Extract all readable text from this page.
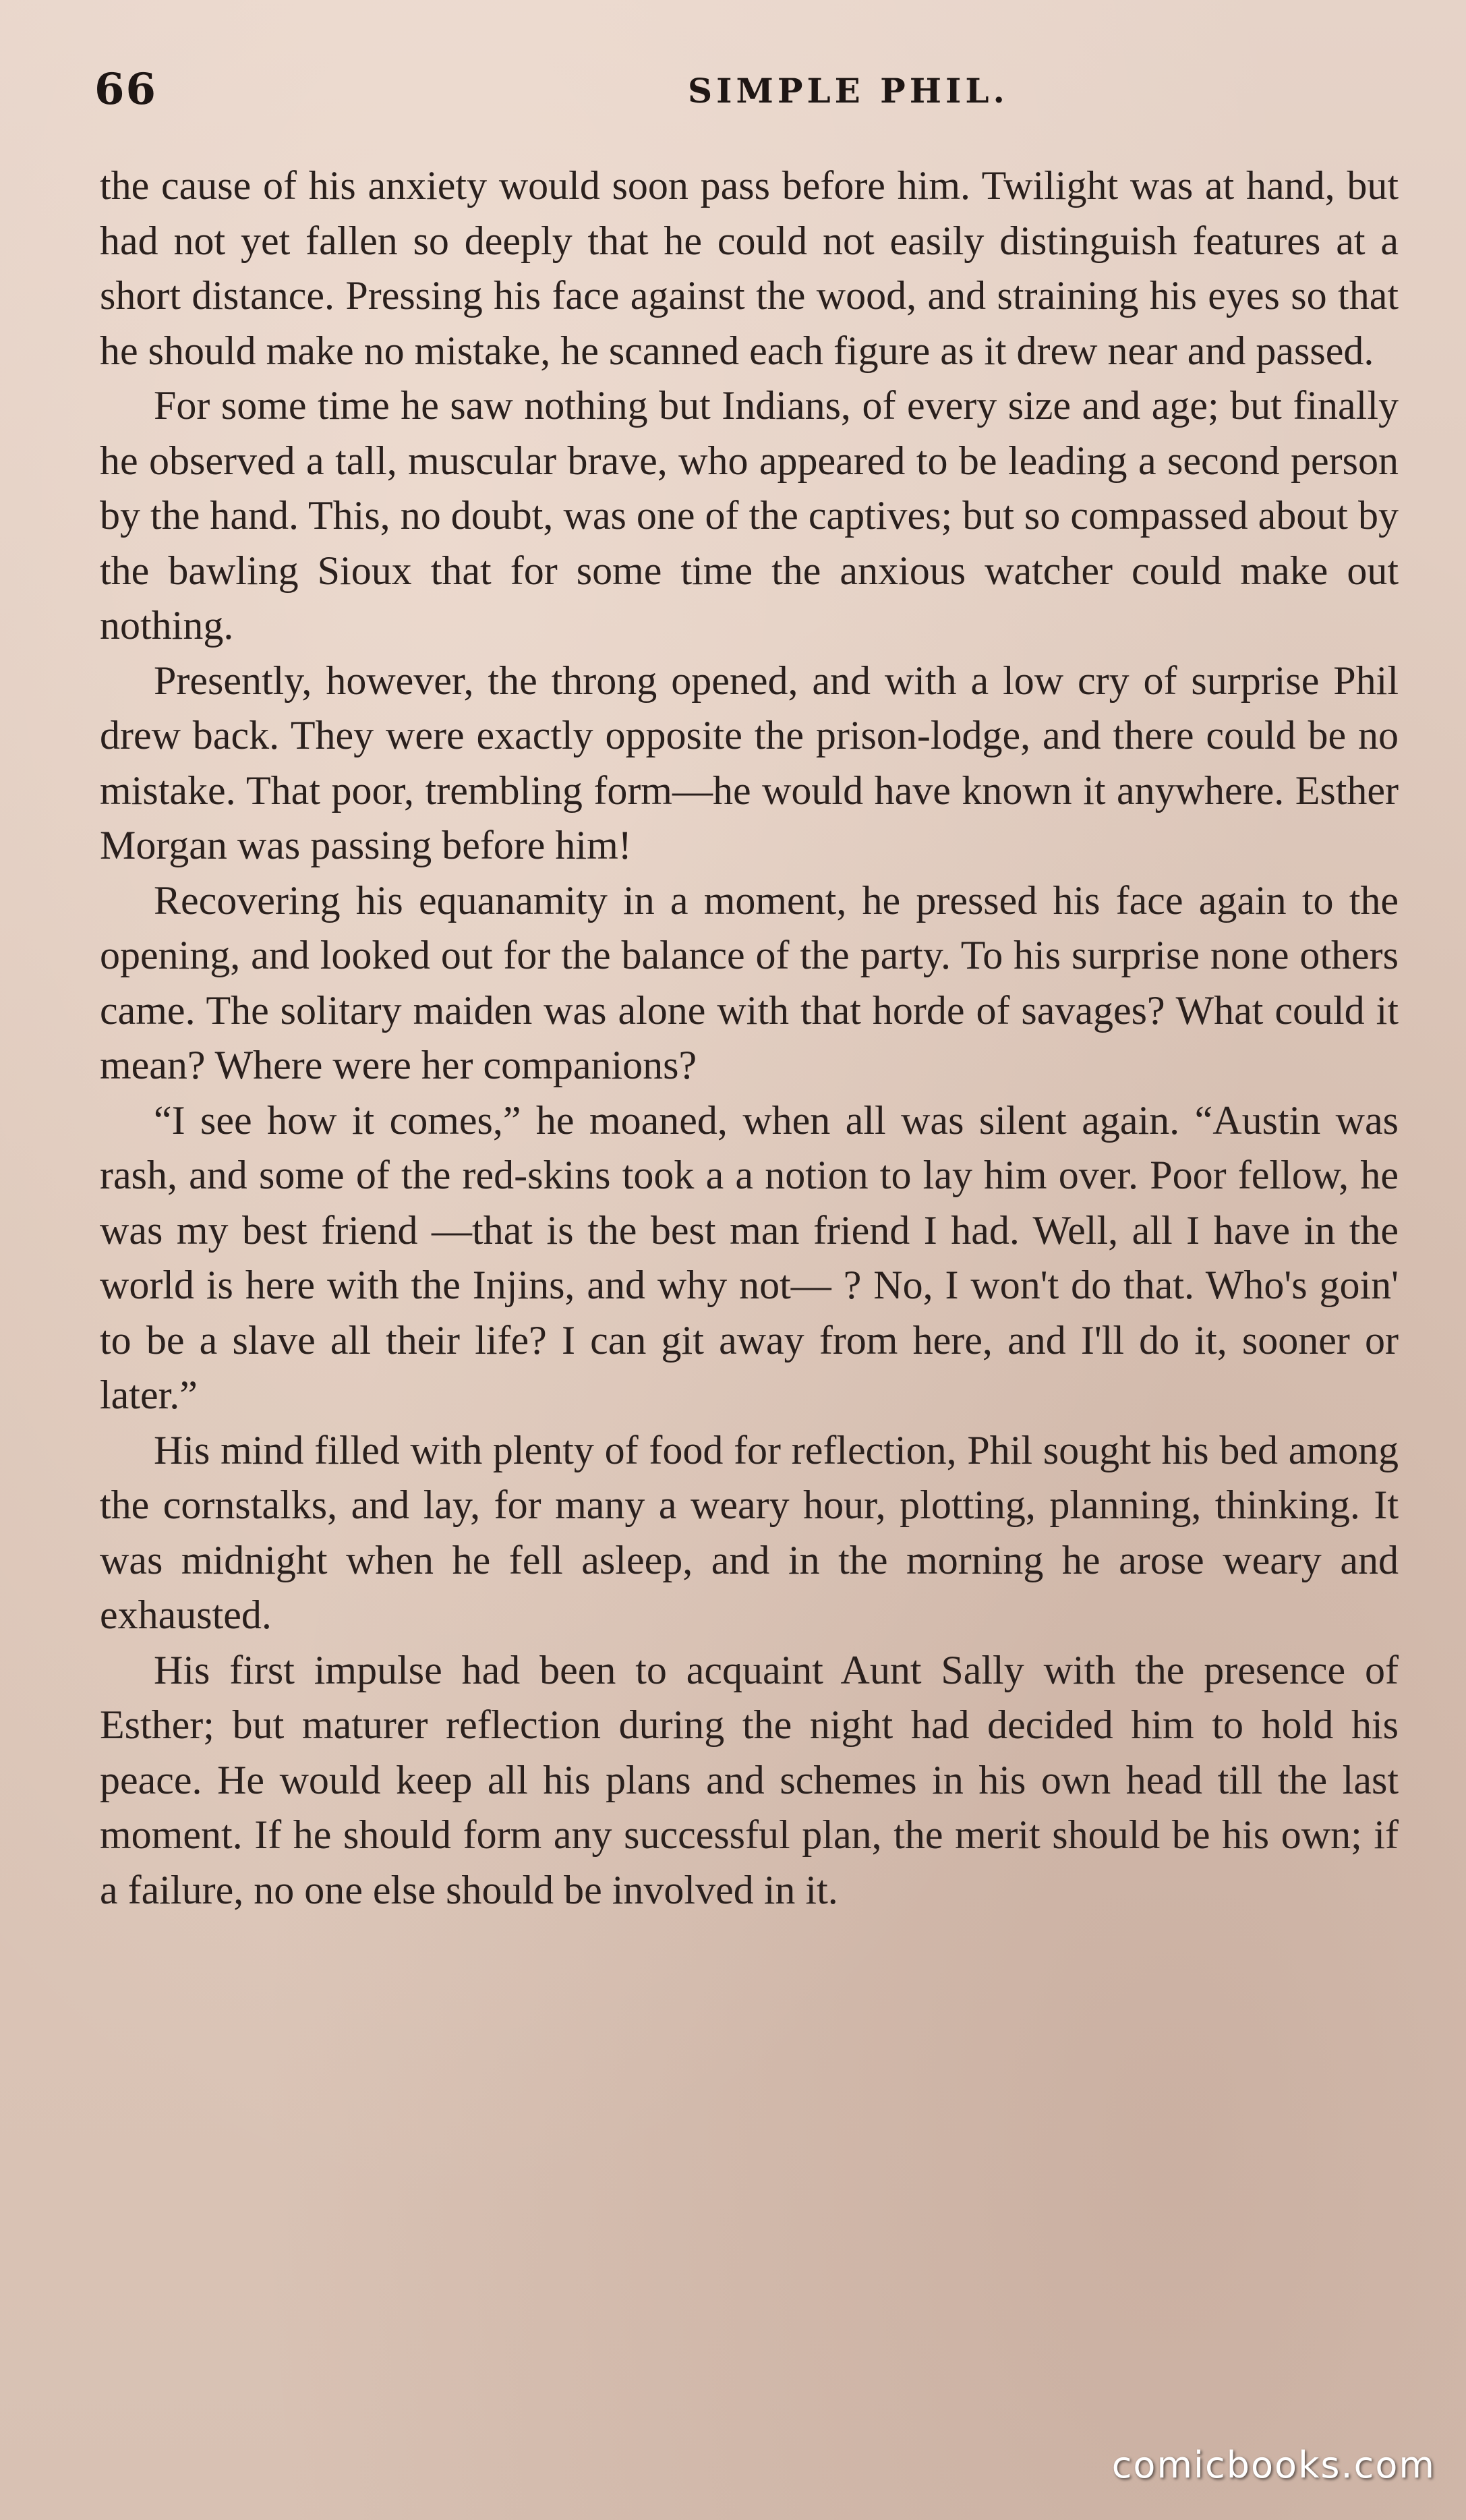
66	SIMPLE PHIL.

the cause of his anxiety would soon pass before him. Twilight was at hand, but had not yet fallen so deeply that he could not easily distinguish features at a short distance. Pressing his face against the wood, and straining his eyes so that he should make no mistake, he scanned each figure as it drew near and passed.

For some time he saw nothing but Indians, of every size and age; but finally he observed a tall, muscular brave, who appeared to be leading a second person by the hand. This, no doubt, was one of the captives; but so compassed about by the bawling Sioux that for some time the anxious watcher could make out nothing.

Presently, however, the throng opened, and with a low cry of surprise Phil drew back. They were exactly opposite the prison-lodge, and there could be no mistake. That poor, trembling form—he would have known it anywhere. Esther Morgan was passing before him!

Recovering his equanamity in a moment, he pressed his face again to the opening, and looked out for the balance of the party. To his surprise none others came. The solitary maiden was alone with that horde of savages? What could it mean? Where were her companions?

“I see how it comes,” he moaned, when all was silent again. “Austin was rash, and some of the red-skins took a a notion to lay him over. Poor fellow, he was my best friend —that is the best man friend I had. Well, all I have in the world is here with the Injins, and why not— ? No, I won't do that. Who's goin' to be a slave all their life? I can git away from here, and I'll do it, sooner or later.”

His mind filled with plenty of food for reflection, Phil sought his bed among the cornstalks, and lay, for many a weary hour, plotting, planning, thinking. It was midnight when he fell asleep, and in the morning he arose weary and exhausted.

His first impulse had been to acquaint Aunt Sally with the presence of Esther; but maturer reflection during the night had decided him to hold his peace. He would keep all his plans and schemes in his own head till the last moment. If he should form any successful plan, the merit should be his own; if a failure, no one else should be involved in it.

comicbooks.com
